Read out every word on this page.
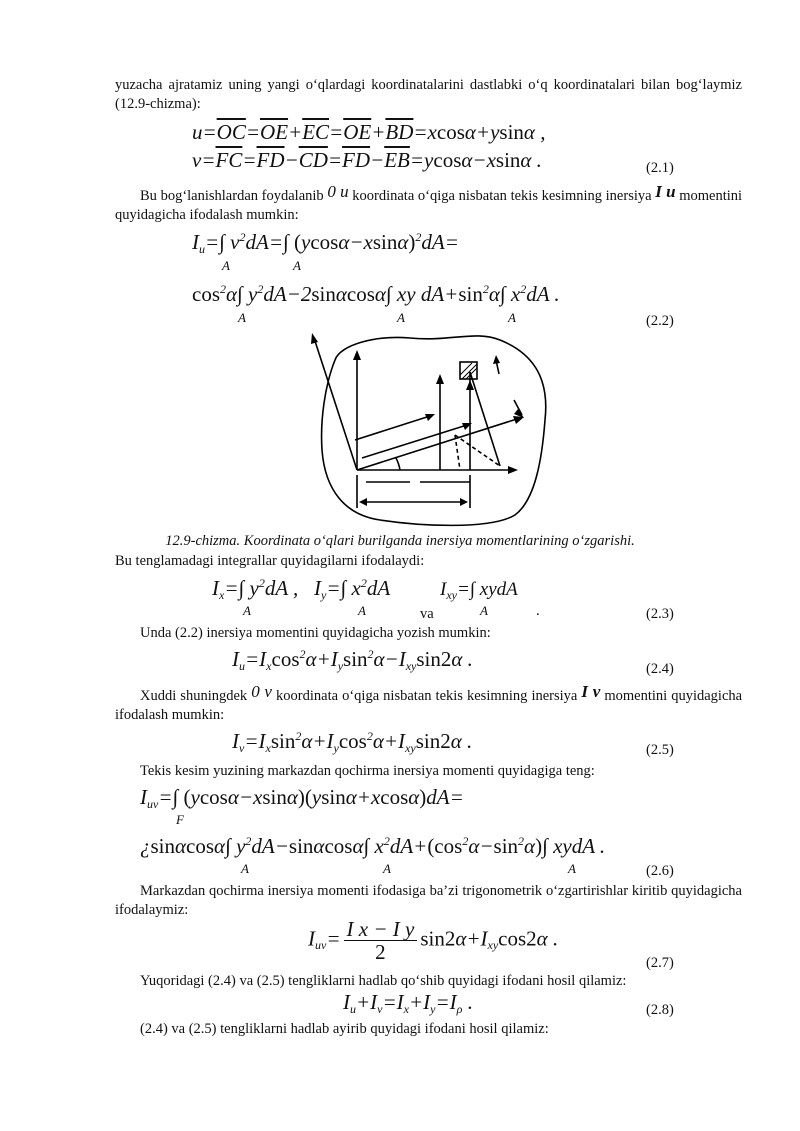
yuzacha ajratamiz uning yangi o‘qlardagi koordinatalarini dastlabki o‘q koordinatalari bilan bog‘laymiz (12.9-chizma):

$u=\overline{OC}=\overline{OE}+\overline{EC}=\overline{OE}+\overline{BD}=xcos\alpha+ysin\alpha$ ,
$v=\overline{FC}=\overline{FD}-\overline{CD}=\overline{FD}-\overline{EB}=ycos\alpha-xsin\alpha$ .	(2.1)

Bu bog‘lanishlardan foydalanib 0 u koordinata o‘qiga nisbatan tekis kesimning inersiya I u momentini quyidagicha ifodalash mumkin:

Iu=∫ $v^2dA=\int$ $(ycos\alpha-xsin\alpha)^2dA=$
A	A
$\cos^2\alpha\int$ $y^2dA-2\sin\alpha\cos\alpha\int$ xy $dA+\sin^2\alpha\int$ $x^2dA$ .
A	A	A	(2.2)
12.9-chizma. Koordinata o‘qlari burilganda inersiya momentlarining o‘zgarishi.

Bu tenglamadagi integrallar quyidagilarni ifodalaydi:

Ix=∫ $y^2dA$ ,   Iy=∫ $x^2dA$	$I_{xy}=\int$ xydA
A	A	va	A	.	(2.3)

Unda (2.2) inersiya momentini quyidagicha yozish mumkin:

Iu=Ixcos$^2$α+Iysin$^2$α−Ixysin2α .	(2.4)

Xuddi shuningdek 0 v koordinata o‘qiga nisbatan tekis kesimning inersiya I v momentini quyidagicha ifodalash mumkin:

Iv=Ixsin$^2$α+Iycos$^2$α+Ixysin2α .	(2.5)

Tekis kesim yuzining markazdan qochirma inersiya momenti quyidagiga teng:

Iuv=∫ (ycosα−xsinα)(ysinα+xcosα)dA=
F
¿sinαcosα∫ $y^2dA-\sin\alpha\cos\alpha\int$ $x^2dA+(\cos^2\alpha-\sin^2\alpha)\int$ xydA .
A	A	A	(2.6)

Markazdan qochirma inersiya momenti ifodasiga ba’zi trigonometrik o‘zgartirishlar kiritib quyidagicha ifodalaymiz:

$Iuv= \frac{\text{I x − I y}}{2} \sin 2\alpha+Ixycos2\alpha$ .
(2.7)

Yuqoridagi (2.4) va (2.5) tengliklarni hadlab qo‘shib quyidagi ifodani hosil qilamiz:

Iu+Iv=Ix+Iy=Iρ .	(2.8)

(2.4) va (2.5) tengliklarni hadlab ayirib quyidagi ifodani hosil qilamiz:
